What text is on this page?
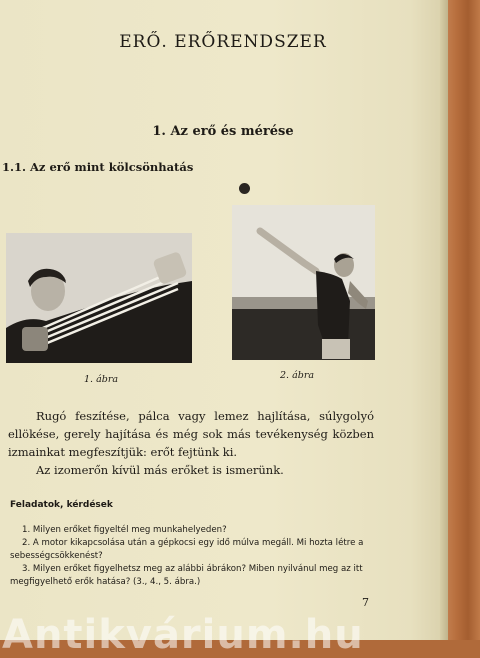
ERŐ. ERŐRENDSZER
1. Az erő és mérése
1.1. Az erő mint kölcsönhatás
1. ábra	2. ábra

Rugó feszítése, pálca vagy lemez hajlítása, súlygolyó ellökése, gerely hajítása és még sok más tevékenység közben izmainkat megfeszítjük: erőt fejtünk ki.

Az izomerőn kívül más erőket is ismerünk.

Feladatok, kérdések
1. Milyen erőket figyeltél meg munkahelyeden?
2. A motor kikapcsolása után a gépkocsi egy idő múlva megáll. Mi hozta létre a sebességcsökkenést?
3. Milyen erőket figyelhetsz meg az alábbi ábrákon? Miben nyilvánul meg az itt megfigyelhető erők hatása? (3., 4., 5. ábra.)
7
Antikvárium.hu
